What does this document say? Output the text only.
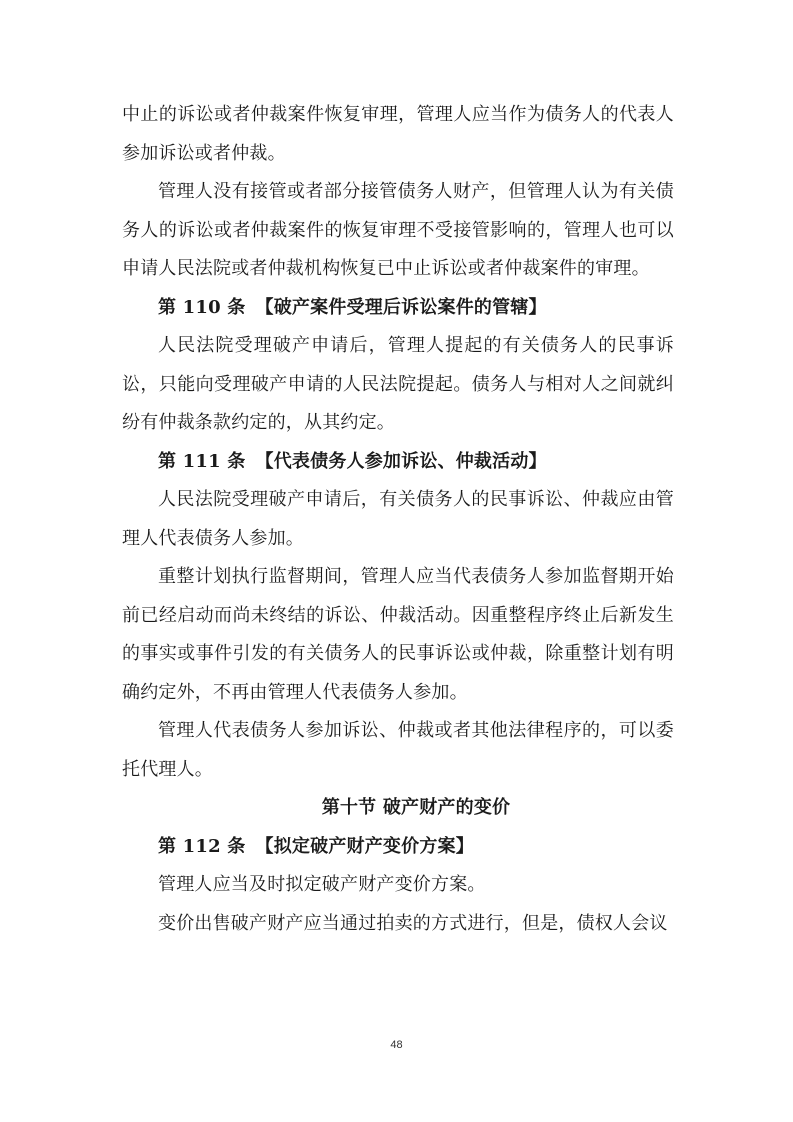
中止的诉讼或者仲裁案件恢复审理，管理人应当作为债务人的代表人参加诉讼或者仲裁。

管理人没有接管或者部分接管债务人财产，但管理人认为有关债务人的诉讼或者仲裁案件的恢复审理不受接管影响的，管理人也可以申请人民法院或者仲裁机构恢复已中止诉讼或者仲裁案件的审理。

第 110 条 【破产案件受理后诉讼案件的管辖】

人民法院受理破产申请后，管理人提起的有关债务人的民事诉讼，只能向受理破产申请的人民法院提起。债务人与相对人之间就纠纷有仲裁条款约定的，从其约定。

第 111 条 【代表债务人参加诉讼、仲裁活动】

人民法院受理破产申请后，有关债务人的民事诉讼、仲裁应由管理人代表债务人参加。

重整计划执行监督期间，管理人应当代表债务人参加监督期开始前已经启动而尚未终结的诉讼、仲裁活动。因重整程序终止后新发生的事实或事件引发的有关债务人的民事诉讼或仲裁，除重整计划有明确约定外，不再由管理人代表债务人参加。

管理人代表债务人参加诉讼、仲裁或者其他法律程序的，可以委托代理人。

第十节 破产财产的变价

第 112 条 【拟定破产财产变价方案】

管理人应当及时拟定破产财产变价方案。

变价出售破产财产应当通过拍卖的方式进行，但是，债权人会议

48
